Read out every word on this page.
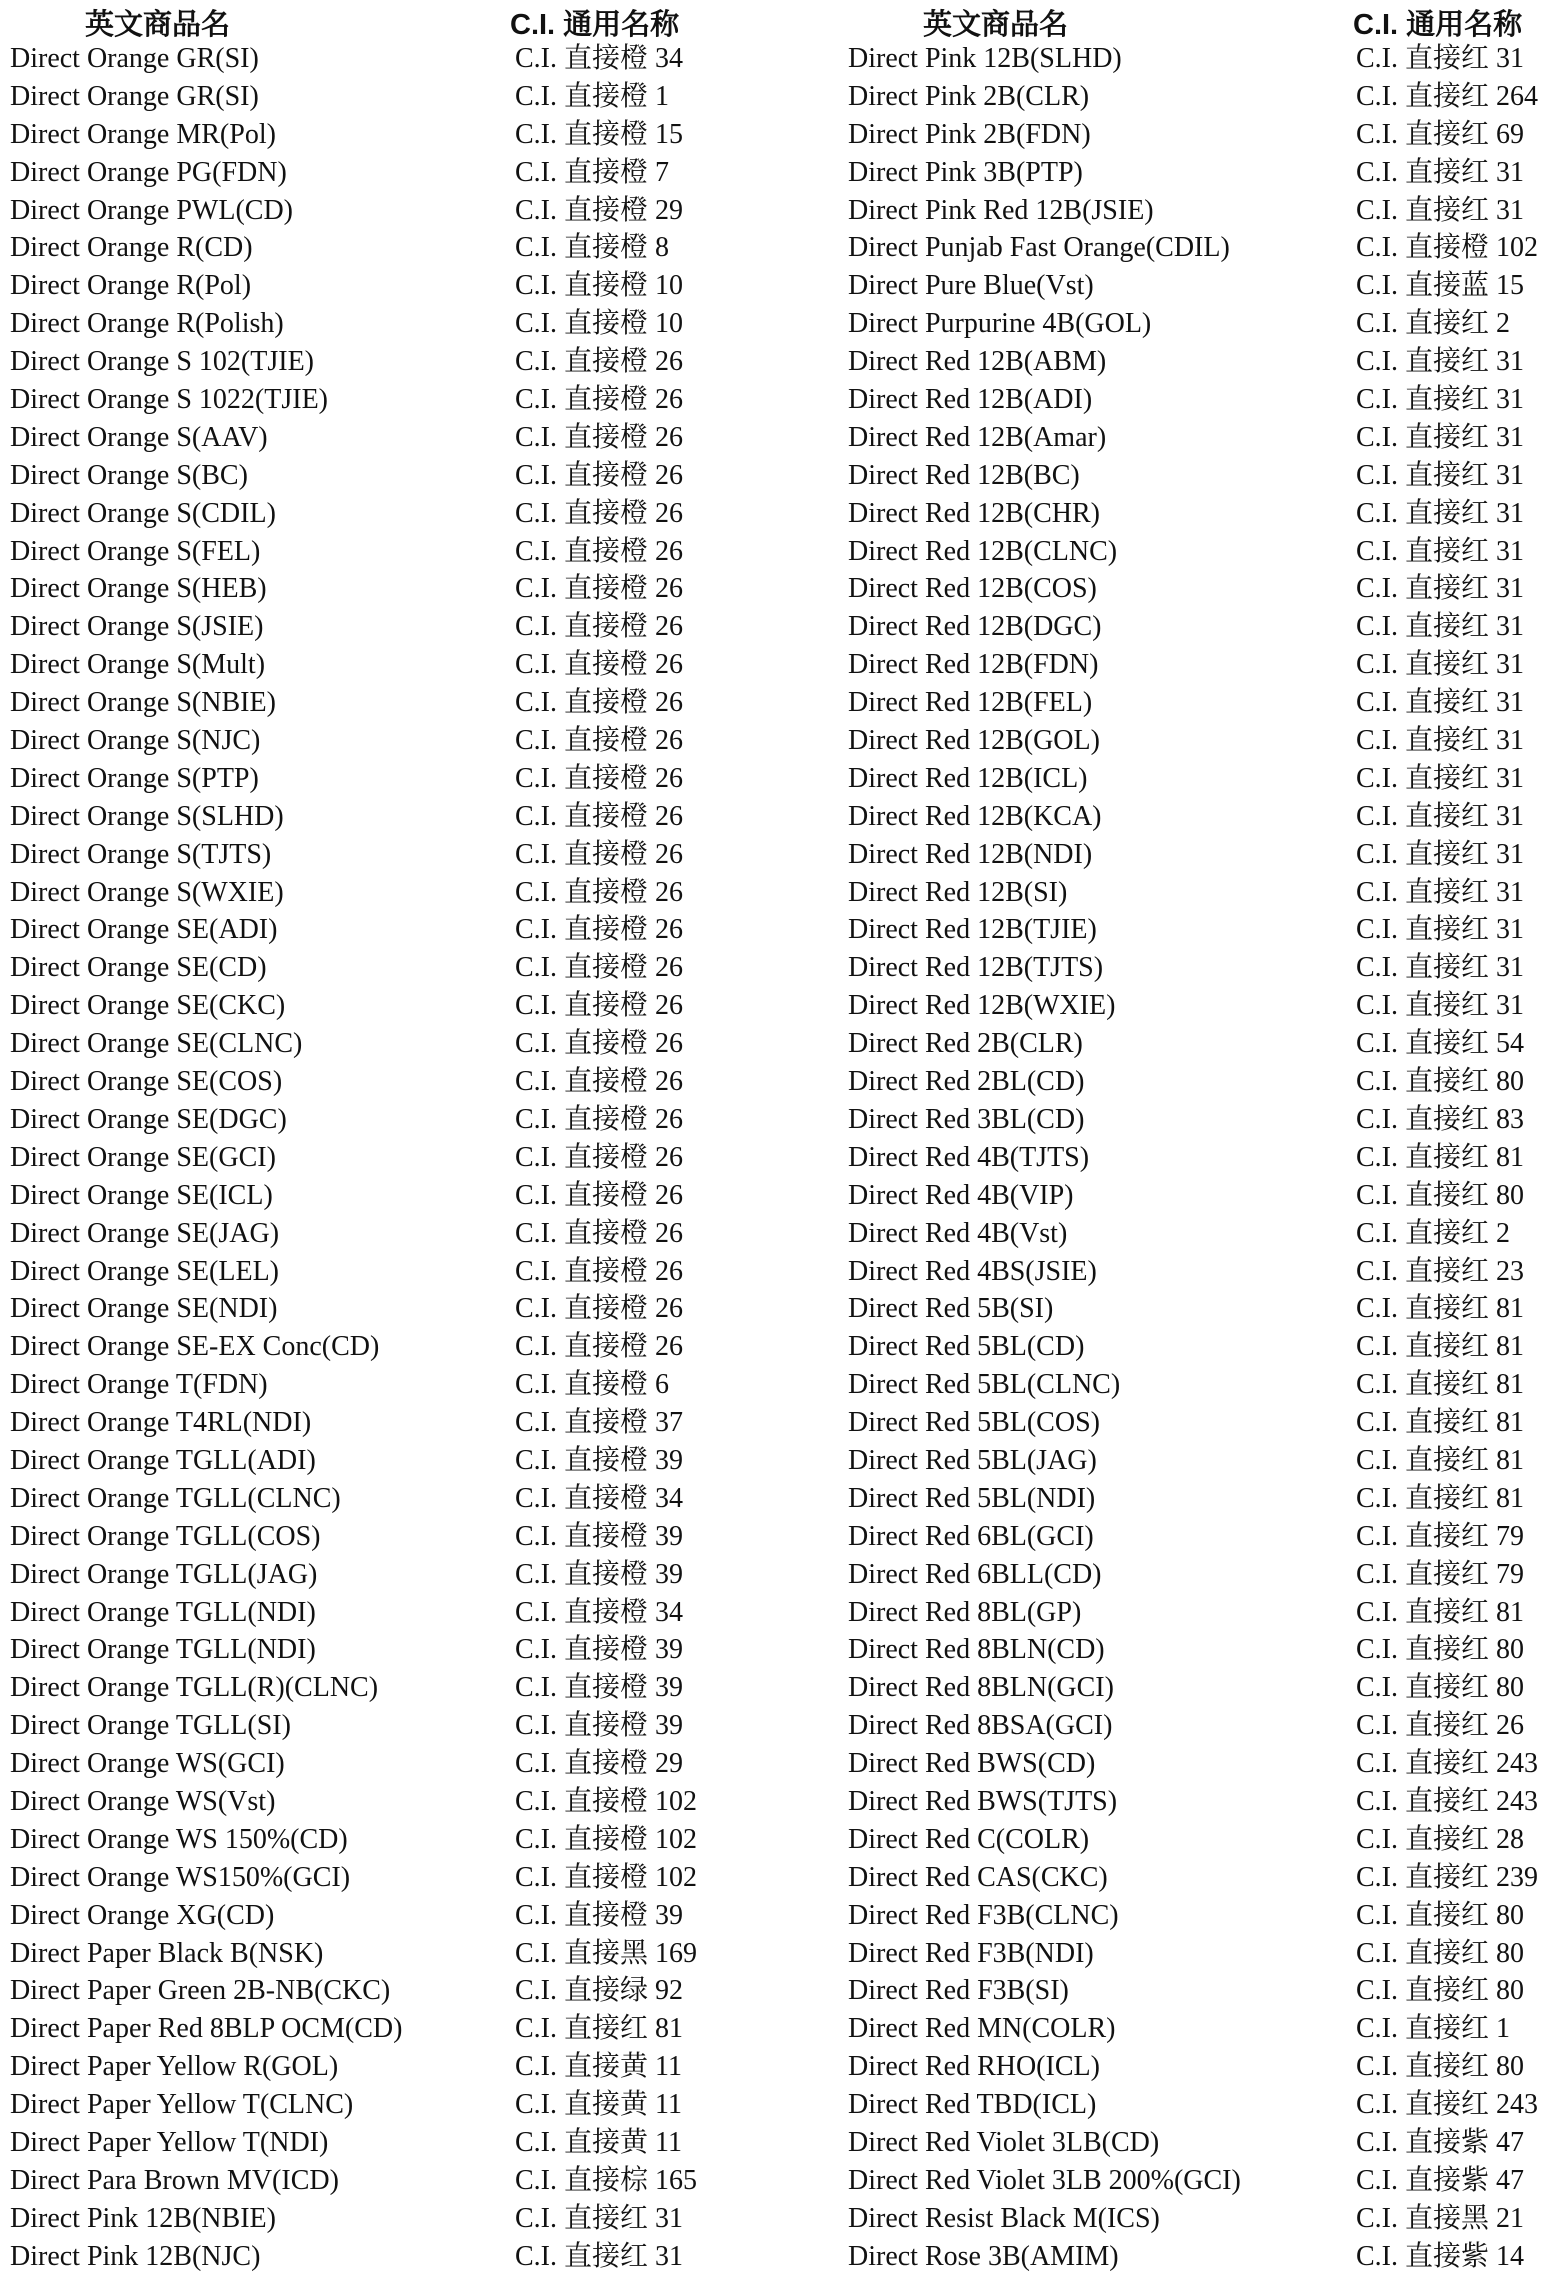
英文商品名	C.I. 通用名称
Direct Orange GR(SI)	C.I. 直接橙 34
Direct Orange GR(SI)	C.I. 直接橙 1
Direct Orange MR(Pol)	C.I. 直接橙 15
Direct Orange PG(FDN)	C.I. 直接橙 7
Direct Orange PWL(CD)	C.I. 直接橙 29
Direct Orange R(CD)	C.I. 直接橙 8
Direct Orange R(Pol)	C.I. 直接橙 10
Direct Orange R(Polish)	C.I. 直接橙 10
Direct Orange S 102(TJIE)	C.I. 直接橙 26
Direct Orange S 1022(TJIE)	C.I. 直接橙 26
Direct Orange S(AAV)	C.I. 直接橙 26
Direct Orange S(BC)	C.I. 直接橙 26
Direct Orange S(CDIL)	C.I. 直接橙 26
Direct Orange S(FEL)	C.I. 直接橙 26
Direct Orange S(HEB)	C.I. 直接橙 26
Direct Orange S(JSIE)	C.I. 直接橙 26
Direct Orange S(Mult)	C.I. 直接橙 26
Direct Orange S(NBIE)	C.I. 直接橙 26
Direct Orange S(NJC)	C.I. 直接橙 26
Direct Orange S(PTP)	C.I. 直接橙 26
Direct Orange S(SLHD)	C.I. 直接橙 26
Direct Orange S(TJTS)	C.I. 直接橙 26
Direct Orange S(WXIE)	C.I. 直接橙 26
Direct Orange SE(ADI)	C.I. 直接橙 26
Direct Orange SE(CD)	C.I. 直接橙 26
Direct Orange SE(CKC)	C.I. 直接橙 26
Direct Orange SE(CLNC)	C.I. 直接橙 26
Direct Orange SE(COS)	C.I. 直接橙 26
Direct Orange SE(DGC)	C.I. 直接橙 26
Direct Orange SE(GCI)	C.I. 直接橙 26
Direct Orange SE(ICL)	C.I. 直接橙 26
Direct Orange SE(JAG)	C.I. 直接橙 26
Direct Orange SE(LEL)	C.I. 直接橙 26
Direct Orange SE(NDI)	C.I. 直接橙 26
Direct Orange SE-EX Conc(CD)	C.I. 直接橙 26
Direct Orange T(FDN)	C.I. 直接橙 6
Direct Orange T4RL(NDI)	C.I. 直接橙 37
Direct Orange TGLL(ADI)	C.I. 直接橙 39
Direct Orange TGLL(CLNC)	C.I. 直接橙 34
Direct Orange TGLL(COS)	C.I. 直接橙 39
Direct Orange TGLL(JAG)	C.I. 直接橙 39
Direct Orange TGLL(NDI)	C.I. 直接橙 34
Direct Orange TGLL(NDI)	C.I. 直接橙 39
Direct Orange TGLL(R)(CLNC)	C.I. 直接橙 39
Direct Orange TGLL(SI)	C.I. 直接橙 39
Direct Orange WS(GCI)	C.I. 直接橙 29
Direct Orange WS(Vst)	C.I. 直接橙 102
Direct Orange WS 150%(CD)	C.I. 直接橙 102
Direct Orange WS150%(GCI)	C.I. 直接橙 102
Direct Orange XG(CD)	C.I. 直接橙 39
Direct Paper Black B(NSK)	C.I. 直接黑 169
Direct Paper Green 2B-NB(CKC)	C.I. 直接绿 92
Direct Paper Red 8BLP OCM(CD)	C.I. 直接红 81
Direct Paper Yellow R(GOL)	C.I. 直接黄 11
Direct Paper Yellow T(CLNC)	C.I. 直接黄 11
Direct Paper Yellow T(NDI)	C.I. 直接黄 11
Direct Para Brown MV(ICD)	C.I. 直接棕 165
Direct Pink 12B(NBIE)	C.I. 直接红 31
Direct Pink 12B(NJC)	C.I. 直接红 31
英文商品名	C.I. 通用名称
Direct Pink 12B(SLHD)	C.I. 直接红 31
Direct Pink 2B(CLR)	C.I. 直接红 264
Direct Pink 2B(FDN)	C.I. 直接红 69
Direct Pink 3B(PTP)	C.I. 直接红 31
Direct Pink Red 12B(JSIE)	C.I. 直接红 31
Direct Punjab Fast Orange(CDIL)	C.I. 直接橙 102
Direct Pure Blue(Vst)	C.I. 直接蓝 15
Direct Purpurine 4B(GOL)	C.I. 直接红 2
Direct Red 12B(ABM)	C.I. 直接红 31
Direct Red 12B(ADI)	C.I. 直接红 31
Direct Red 12B(Amar)	C.I. 直接红 31
Direct Red 12B(BC)	C.I. 直接红 31
Direct Red 12B(CHR)	C.I. 直接红 31
Direct Red 12B(CLNC)	C.I. 直接红 31
Direct Red 12B(COS)	C.I. 直接红 31
Direct Red 12B(DGC)	C.I. 直接红 31
Direct Red 12B(FDN)	C.I. 直接红 31
Direct Red 12B(FEL)	C.I. 直接红 31
Direct Red 12B(GOL)	C.I. 直接红 31
Direct Red 12B(ICL)	C.I. 直接红 31
Direct Red 12B(KCA)	C.I. 直接红 31
Direct Red 12B(NDI)	C.I. 直接红 31
Direct Red 12B(SI)	C.I. 直接红 31
Direct Red 12B(TJIE)	C.I. 直接红 31
Direct Red 12B(TJTS)	C.I. 直接红 31
Direct Red 12B(WXIE)	C.I. 直接红 31
Direct Red 2B(CLR)	C.I. 直接红 54
Direct Red 2BL(CD)	C.I. 直接红 80
Direct Red 3BL(CD)	C.I. 直接红 83
Direct Red 4B(TJTS)	C.I. 直接红 81
Direct Red 4B(VIP)	C.I. 直接红 80
Direct Red 4B(Vst)	C.I. 直接红 2
Direct Red 4BS(JSIE)	C.I. 直接红 23
Direct Red 5B(SI)	C.I. 直接红 81
Direct Red 5BL(CD)	C.I. 直接红 81
Direct Red 5BL(CLNC)	C.I. 直接红 81
Direct Red 5BL(COS)	C.I. 直接红 81
Direct Red 5BL(JAG)	C.I. 直接红 81
Direct Red 5BL(NDI)	C.I. 直接红 81
Direct Red 6BL(GCI)	C.I. 直接红 79
Direct Red 6BLL(CD)	C.I. 直接红 79
Direct Red 8BL(GP)	C.I. 直接红 81
Direct Red 8BLN(CD)	C.I. 直接红 80
Direct Red 8BLN(GCI)	C.I. 直接红 80
Direct Red 8BSA(GCI)	C.I. 直接红 26
Direct Red BWS(CD)	C.I. 直接红 243
Direct Red BWS(TJTS)	C.I. 直接红 243
Direct Red C(COLR)	C.I. 直接红 28
Direct Red CAS(CKC)	C.I. 直接红 239
Direct Red F3B(CLNC)	C.I. 直接红 80
Direct Red F3B(NDI)	C.I. 直接红 80
Direct Red F3B(SI)	C.I. 直接红 80
Direct Red MN(COLR)	C.I. 直接红 1
Direct Red RHO(ICL)	C.I. 直接红 80
Direct Red TBD(ICL)	C.I. 直接红 243
Direct Red Violet 3LB(CD)	C.I. 直接紫 47
Direct Red Violet 3LB 200%(GCI)	C.I. 直接紫 47
Direct Resist Black M(ICS)	C.I. 直接黑 21
Direct Rose 3B(AMIM)	C.I. 直接紫 14
